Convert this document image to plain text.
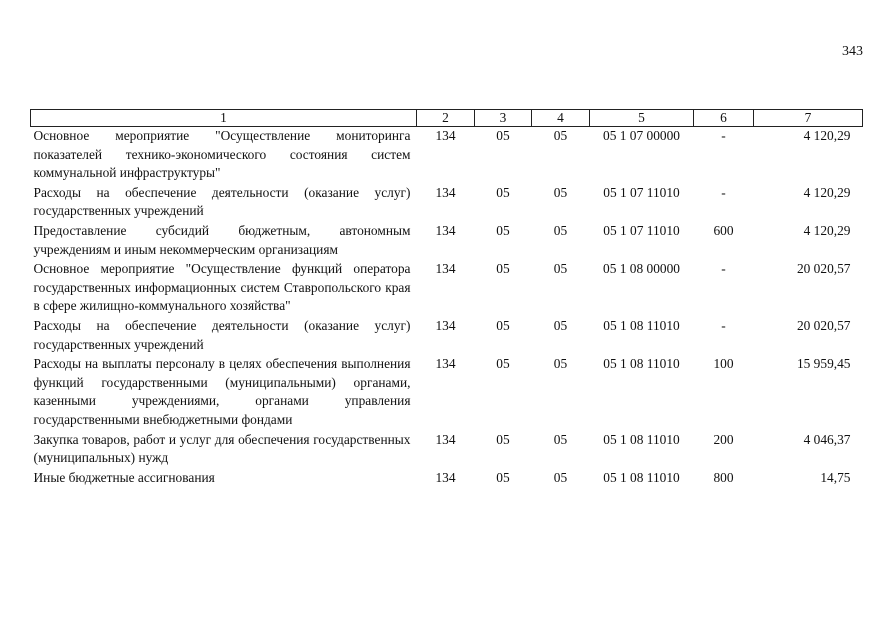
343
1	2	3	4	5	6	7
Основное мероприятие "Осуществление мониторинга показателей технико-экономического состояния систем коммунальной инфраструктуры"	134	05	05	05 1 07 00000	-	4 120,29
Расходы на обеспечение деятельности (оказание услуг) государственных учреждений	134	05	05	05 1 07 11010	-	4 120,29
Предоставление субсидий бюджетным, автономным учреждениям и иным некоммерческим организациям	134	05	05	05 1 07 11010	600	4 120,29
Основное мероприятие "Осуществление функций оператора государственных информационных систем Ставропольского края в сфере жилищно-коммунального хозяйства"	134	05	05	05 1 08 00000	-	20 020,57
Расходы на обеспечение деятельности (оказание услуг) государственных учреждений	134	05	05	05 1 08 11010	-	20 020,57
Расходы на выплаты персоналу в целях обеспечения выполнения функций государственными (муниципальными) органами, казенными учреждениями, органами управления государственными внебюджетными фондами	134	05	05	05 1 08 11010	100	15 959,45
Закупка товаров, работ и услуг для обеспечения государственных (муниципальных) нужд	134	05	05	05 1 08 11010	200	4 046,37
Иные бюджетные ассигнования	134	05	05	05 1 08 11010	800	14,75
